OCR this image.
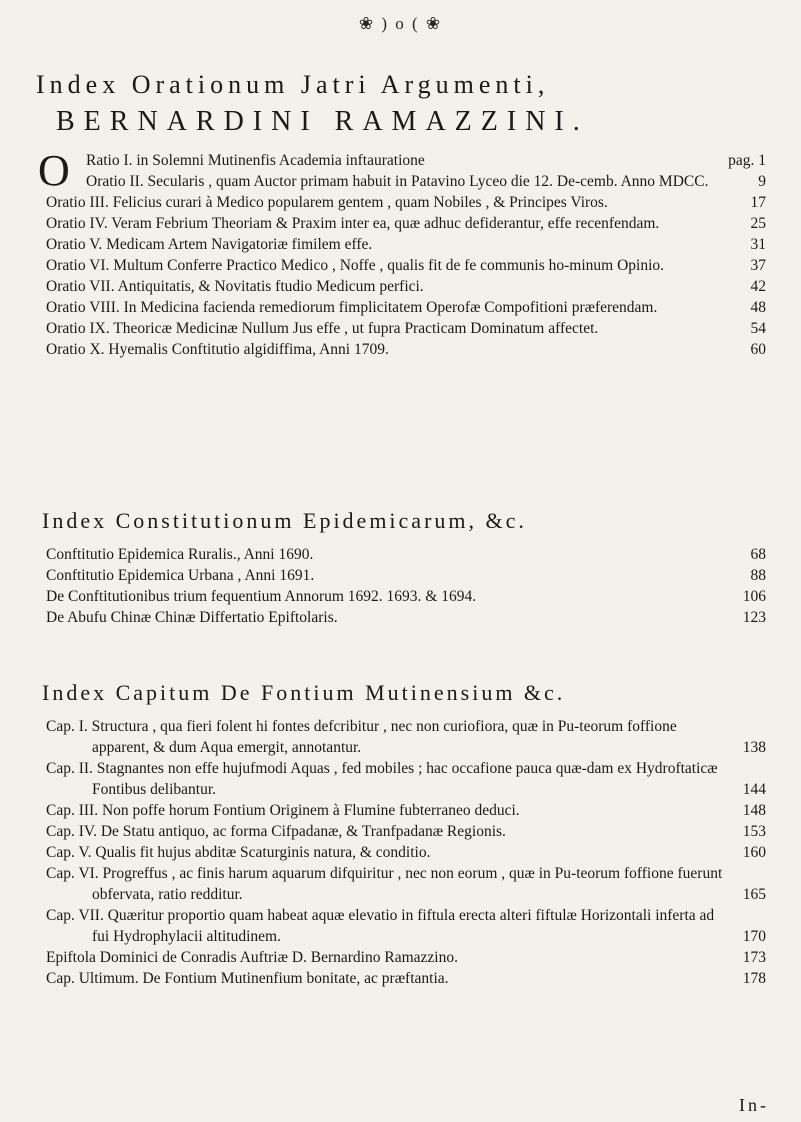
❀ ) o ( ❀
Index Orationum Jatri Argumenti,
BERNARDINI RAMAZZINI.
O Ratio I. in Solemni Mutinenfis Academia inftauratione	pag. 1
Oratio II. Secularis , quam Auctor primam habuit in Patavino Lyceo die 12. De-cemb. Anno MDCC.	9
Oratio III. Felicius curari à Medico popularem gentem , quam Nobiles , & Principes Viros.	17
Oratio IV. Veram Febrium Theoriam & Praxim inter ea, quæ adhuc defiderantur, effe recenfendam.	25
Oratio V. Medicam Artem Navigatoriæ fimilem effe.	31
Oratio VI. Multum Conferre Practico Medico , Noffe , qualis fit de fe communis ho-minum Opinio.	37
Oratio VII. Antiquitatis, & Novitatis ftudio Medicum perfici.	42
Oratio VIII. In Medicina facienda remediorum fimplicitatem Operofæ Compofitioni præferendam.	48
Oratio IX. Theoricæ Medicinæ Nullum Jus effe , ut fupra Practicam Dominatum affectet.	54
Oratio X. Hyemalis Conftitutio algidiffima, Anni 1709.	60
Index Constitutionum Epidemicarum, &c.
Conftitutio Epidemica Ruralis., Anni 1690.	68
Conftitutio Epidemica Urbana , Anni 1691.	88
De Conftitutionibus trium fequentium Annorum 1692. 1693. & 1694.	106
De Abufu Chinæ Chinæ Differtatio Epiftolaris.	123
Index Capitum De Fontium Mutinensium &c.
Cap. I. Structura , qua fieri folent hi fontes defcribitur , nec non curiofiora, quæ in Pu-teorum foffione apparent, & dum Aqua emergit, annotantur.	138
Cap. II. Stagnantes non effe hujufmodi Aquas , fed mobiles ; hac occafione pauca quæ-dam ex Hydroftaticæ Fontibus delibantur.	144
Cap. III. Non poffe horum Fontium Originem à Flumine fubterraneo deduci.	148
Cap. IV. De Statu antiquo, ac forma Cifpadanæ, & Tranfpadanæ Regionis.	153
Cap. V. Qualis fit hujus abditæ Scaturginis natura, & conditio.	160
Cap. VI. Progreffus , ac finis harum aquarum difquiritur , nec non eorum , quæ in Pu-teorum foffione fuerunt obfervata, ratio redditur.	165
Cap. VII. Quæritur proportio quam habeat aquæ elevatio in fiftula erecta alteri fiftulæ Horizontali inferta ad fui Hydrophylacii altitudinem.	170
Epiftola Dominici de Conradis Auftriæ D. Bernardino Ramazzino.	173
Cap. Ultimum. De Fontium Mutinenfium bonitate, ac præftantia.	178
In-
